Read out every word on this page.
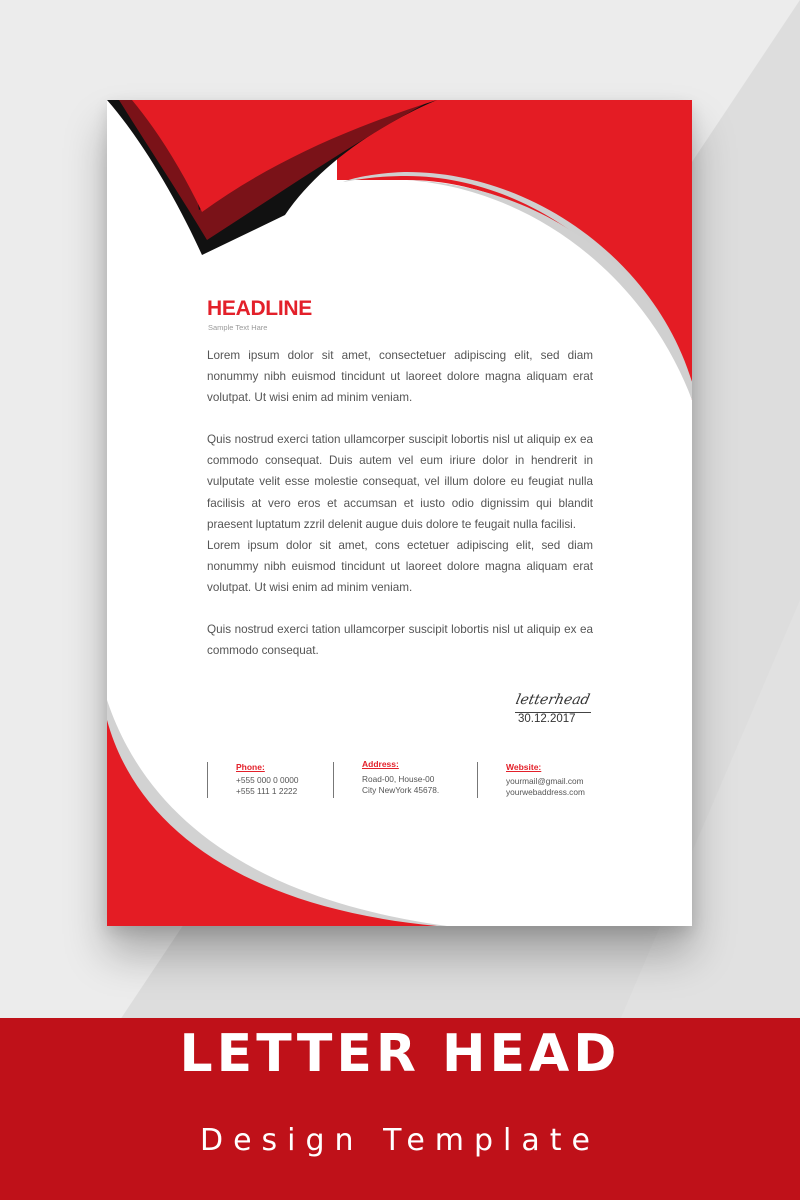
HEADLINE
Sample Text Hare

Lorem ipsum dolor sit amet, consectetuer adipiscing elit, sed diam nonummy nibh euismod tincidunt ut laoreet dolore magna aliquam erat volutpat. Ut wisi enim ad minim veniam.

Quis nostrud exerci tation ullamcorper suscipit lobortis nisl ut aliquip ex ea commodo consequat. Duis autem vel eum iriure dolor in hendrerit in vulputate velit esse molestie consequat, vel illum dolore eu feugiat nulla facilisis at vero eros et accumsan et iusto odio dignissim qui blandit praesent luptatum zzril delenit augue duis dolore te feugait nulla facilisi.

Lorem ipsum dolor sit amet, cons ectetuer adipiscing elit, sed diam nonummy nibh euismod tincidunt ut laoreet dolore magna aliquam erat volutpat. Ut wisi enim ad minim veniam.

Quis nostrud exerci tation ullamcorper suscipit lobortis nisl ut aliquip ex ea commodo consequat.

letterhead
30.12.2017
Phone:
+555 000 0 0000
+555 111 1 2222
Address:
Road-00, House-00
City NewYork 45678.
Website:
yourmail@gmail.com
yourwebaddress.com
LETTER HEAD
Design Template
